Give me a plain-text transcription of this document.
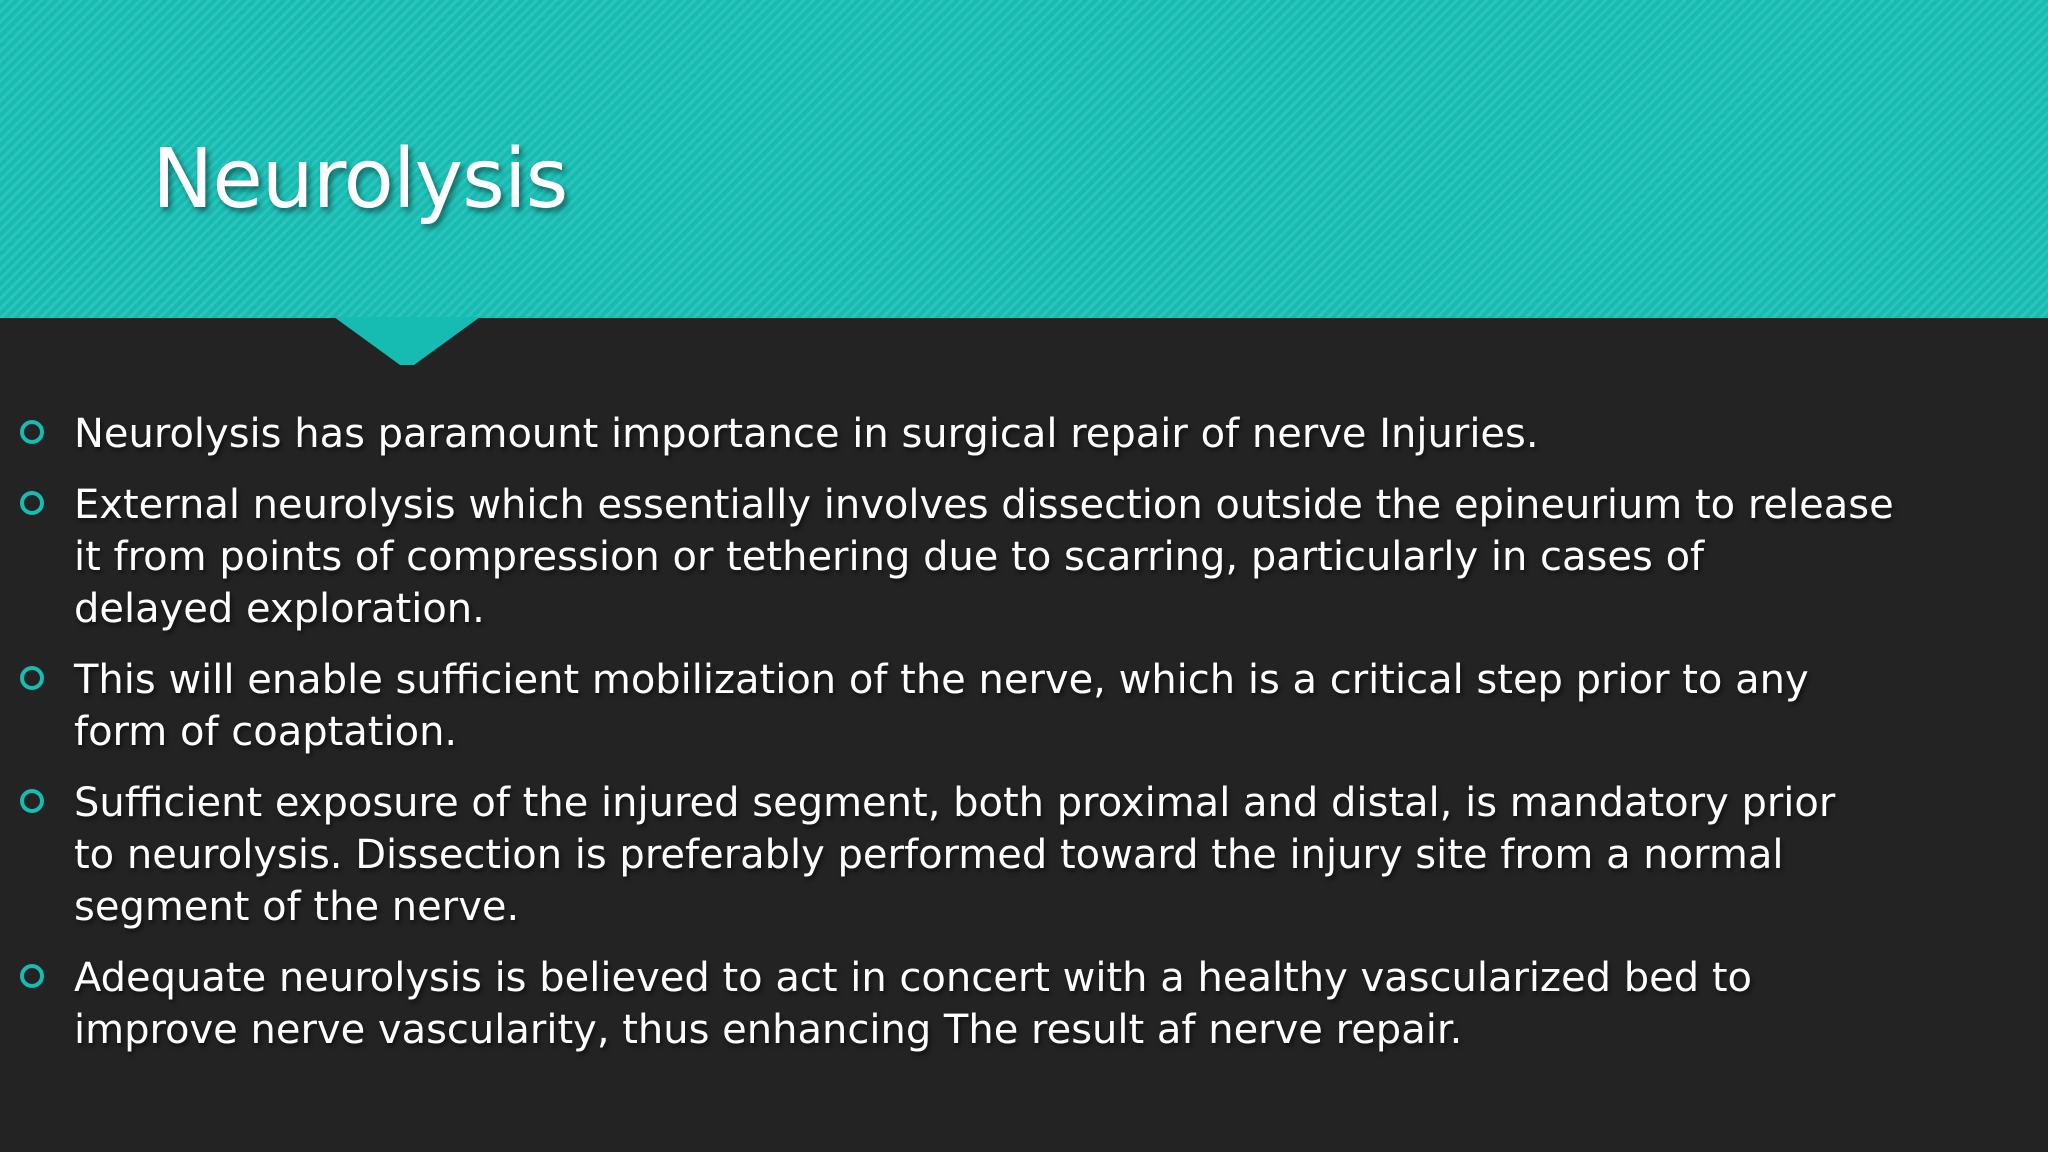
Neurolysis
Neurolysis has paramount importance in surgical repair of nerve Injuries.
External neurolysis which essentially involves dissection outside the epineurium to release
it from points of compression or tethering due to scarring, particularly in cases of
delayed exploration.
This will enable sufficient mobilization of the nerve, which is a critical step prior to any
form of coaptation.
Sufficient exposure of the injured segment, both proximal and distal, is mandatory prior
to neurolysis. Dissection is preferably performed toward the injury site from a normal
segment of the nerve.
Adequate neurolysis is believed to act in concert with a healthy vascularized bed to
improve nerve vascularity, thus enhancing The result af nerve repair.
